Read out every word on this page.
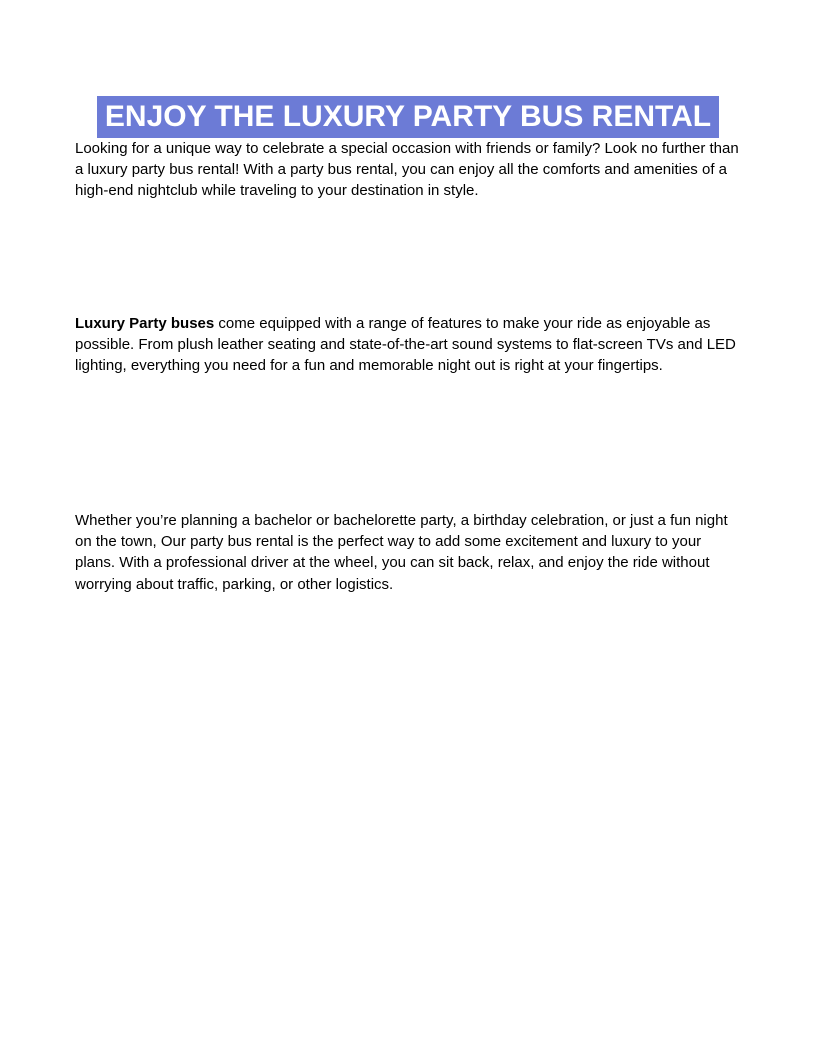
ENJOY THE LUXURY PARTY BUS RENTAL

Looking for a unique way to celebrate a special occasion with friends or family? Look no further than a luxury party bus rental! With a party bus rental, you can enjoy all the comforts and amenities of a high-end nightclub while traveling to your destination in style.

Luxury Party buses come equipped with a range of features to make your ride as enjoyable as possible. From plush leather seating and state-of-the-art sound systems to flat-screen TVs and LED lighting, everything you need for a fun and memorable night out is right at your fingertips.

Whether you’re planning a bachelor or bachelorette party, a birthday celebration, or just a fun night on the town, Our party bus rental is the perfect way to add some excitement and luxury to your plans. With a professional driver at the wheel, you can sit back, relax, and enjoy the ride without worrying about traffic, parking, or other logistics.
